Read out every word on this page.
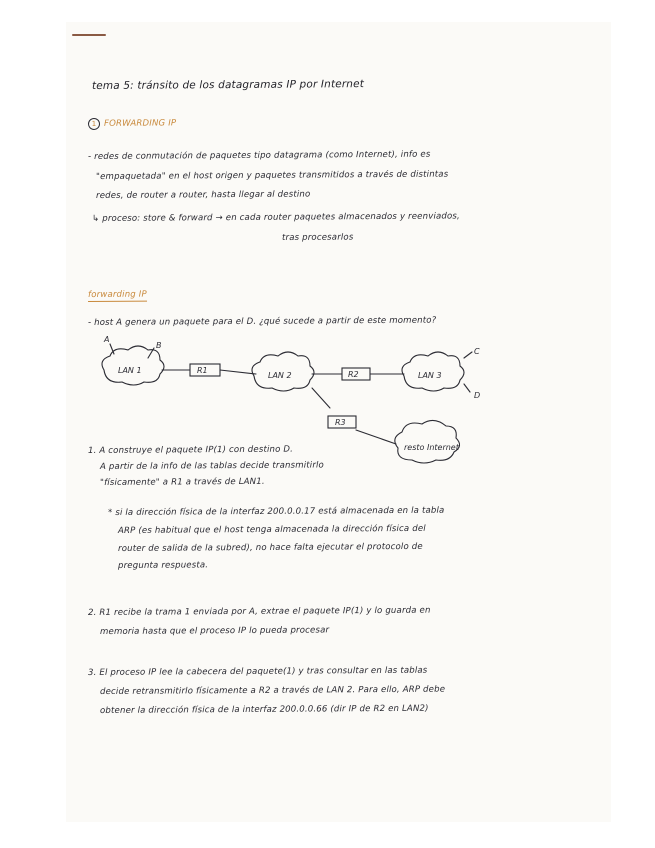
tema 5: tránsito de los datagramas IP por Internet
1 FORWARDING IP
- redes de conmutación de paquetes tipo datagrama (como Internet), info es
"empaquetada" en el host origen y paquetes transmitidos a través de distintas
redes, de router a router, hasta llegar al destino
↳ proceso: store & forward → en cada router paquetes almacenados y reenviados,
tras procesarlos
forwarding IP
- host A genera un paquete para el D. ¿qué sucede a partir de este momento?
LAN 1
LAN 2	LAN 3
R1	R2
R3
A
B
C
D
resto Internet
1. A construye el paquete IP(1) con destino D.
A partir de la info de las tablas decide transmitirlo
"físicamente" a R1 a través de LAN1.
* si la dirección física de la interfaz 200.0.0.17 está almacenada en la tabla
ARP (es habitual que el host tenga almacenada la dirección física del
router de salida de la subred), no hace falta ejecutar el protocolo de
pregunta respuesta.
2. R1 recibe la trama 1 enviada por A, extrae el paquete IP(1) y lo guarda en
memoria hasta que el proceso IP lo pueda procesar
3. El proceso IP lee la cabecera del paquete(1) y tras consultar en las tablas
decide retransmitirlo físicamente a R2 a través de LAN 2. Para ello, ARP debe
obtener la dirección física de la interfaz 200.0.0.66 (dir IP de R2 en LAN2)
